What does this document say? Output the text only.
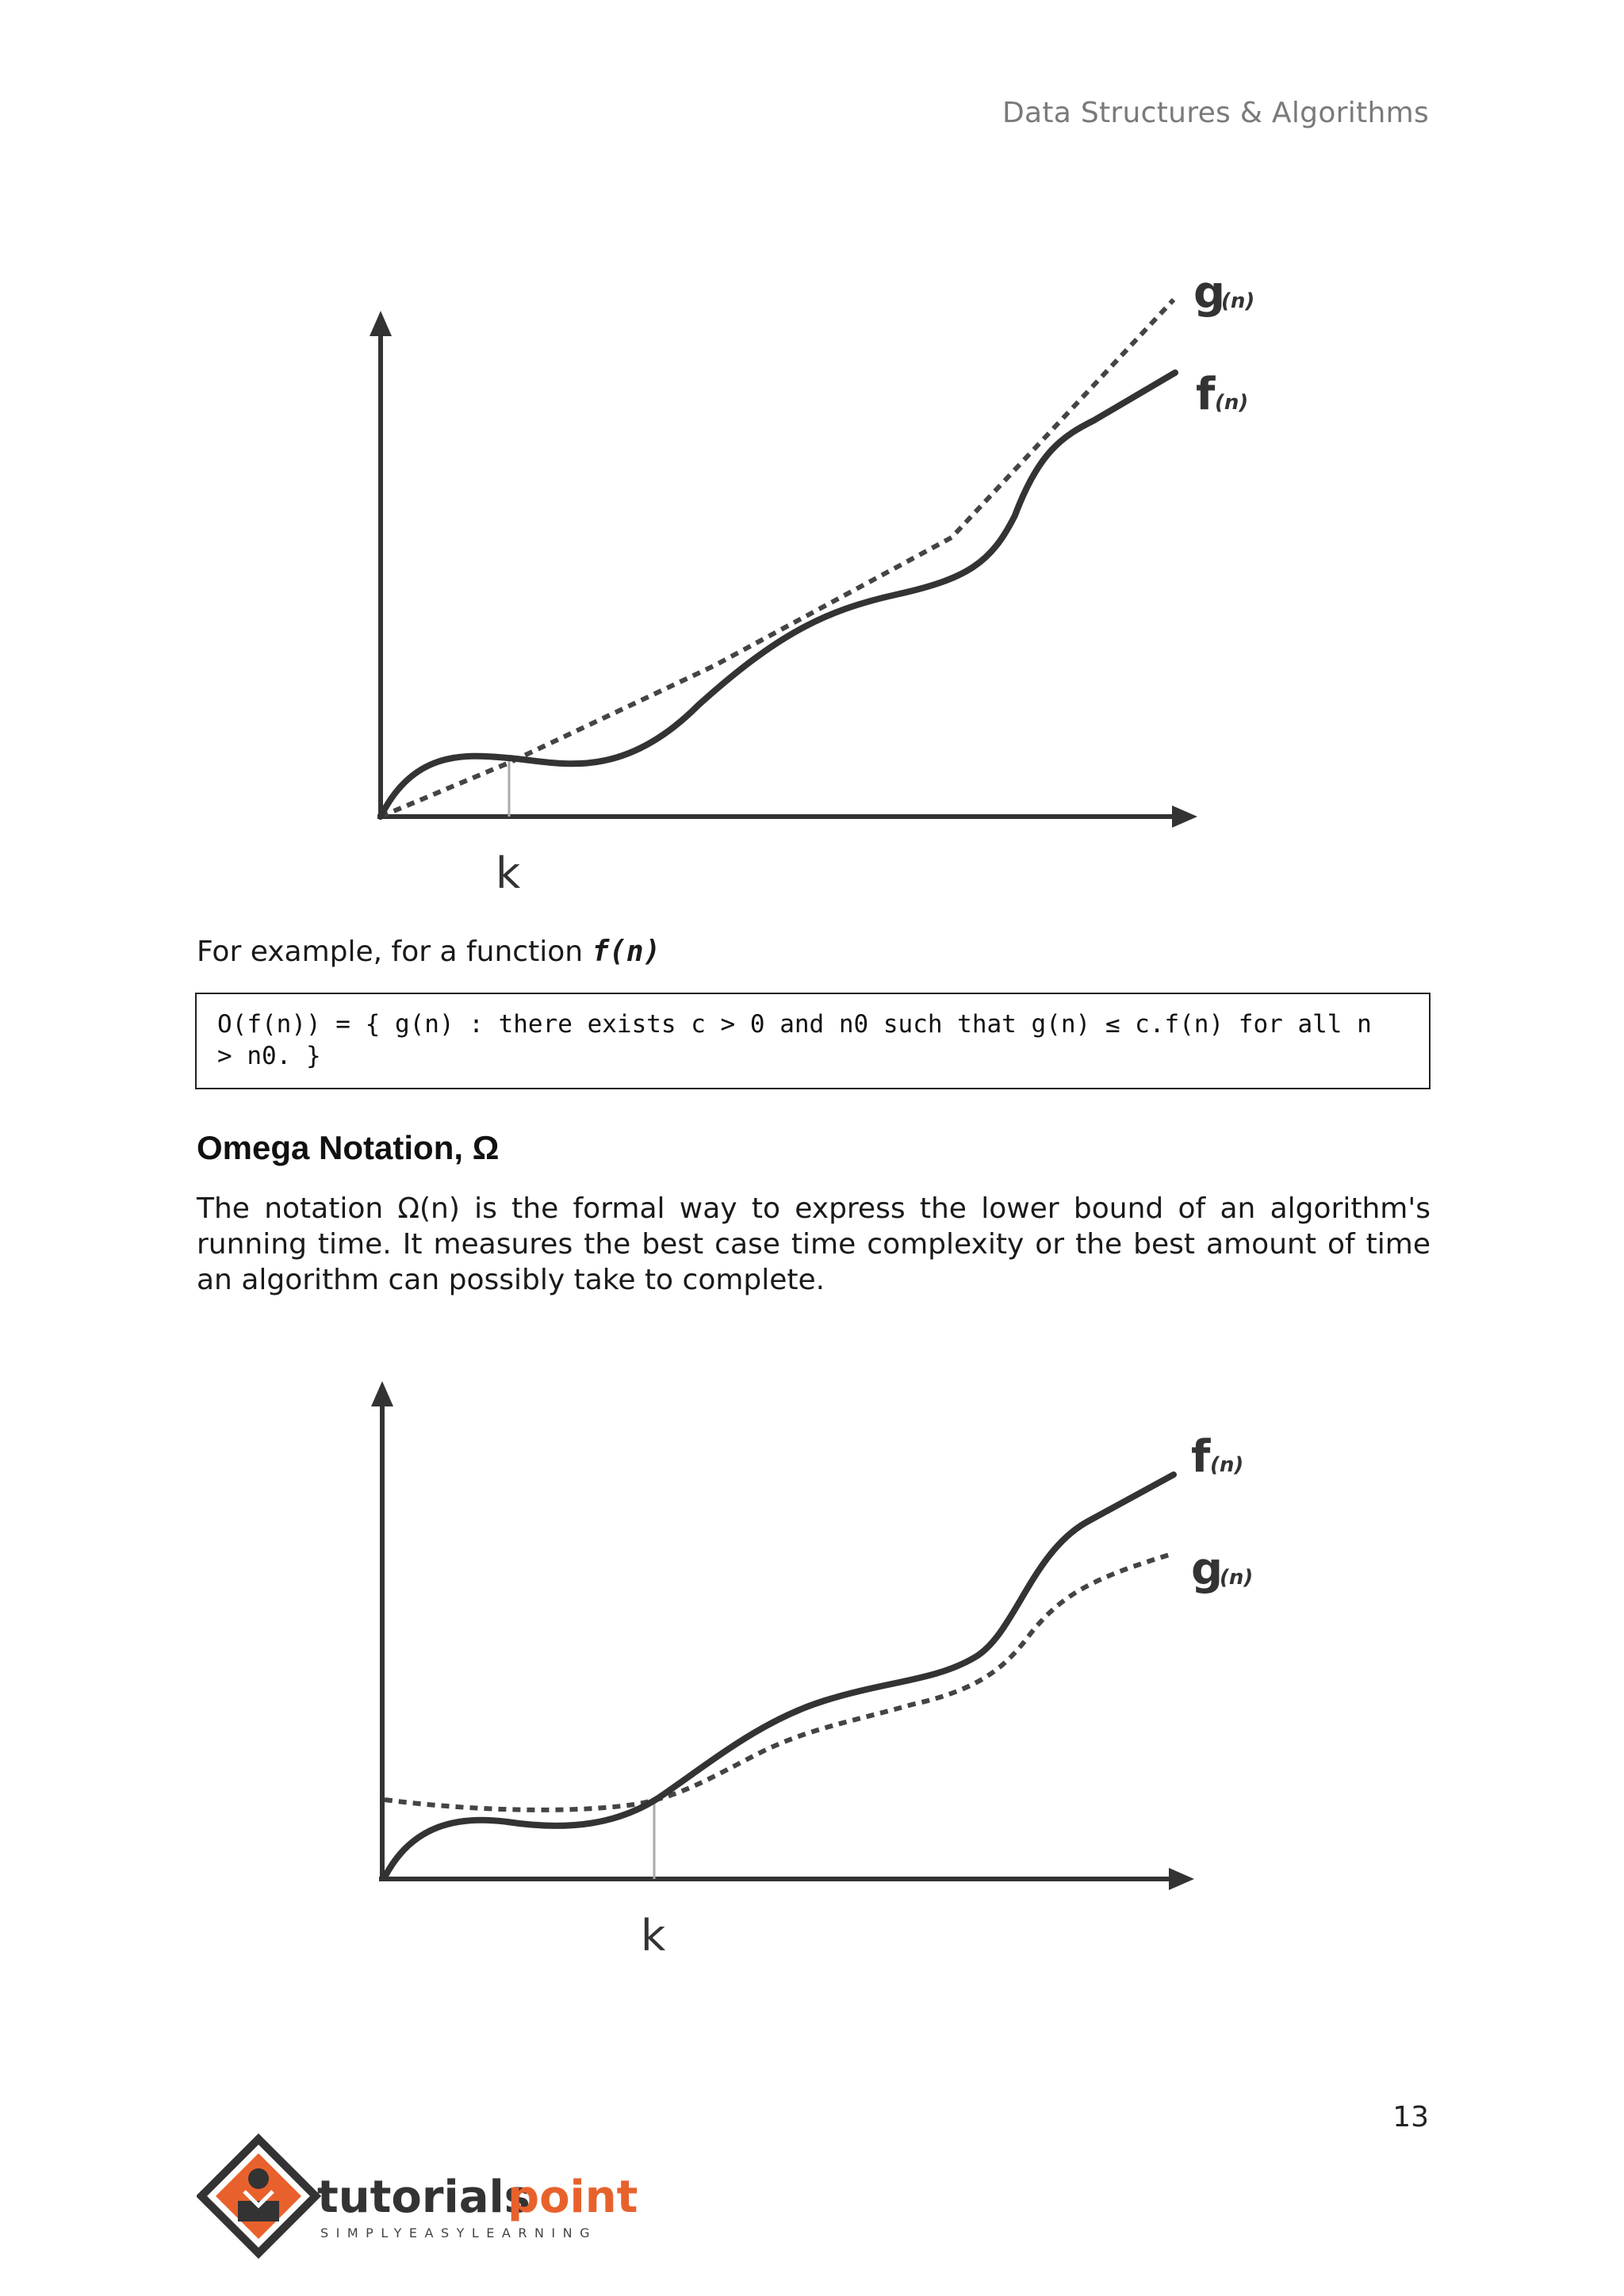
Data Structures & Algorithms
g
(n)
f (n)
k
For example, for a function f(n)
O(f(n)) = { g(n) : there exists c > 0 and n0 such that g(n) ≤ c.f(n) for all n
> n0. }
Omega Notation, Ω
The notation Ω(n) is the formal way to express the lower bound of an algorithm's running time. It measures the best case time complexity or the best amount of time an algorithm can possibly take to complete.
f (n)
g
(n)
k
13
tutorials
point
SIMPLYEASYLEARNING
